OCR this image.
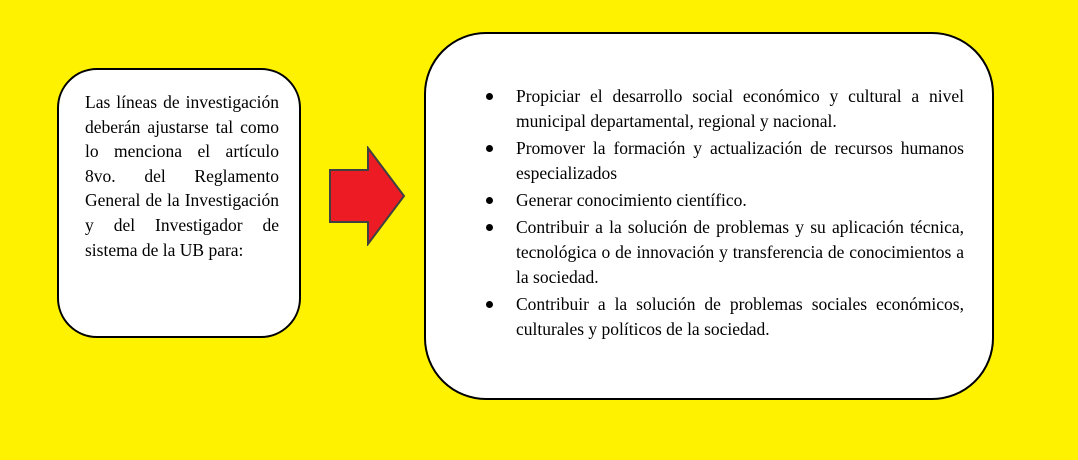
Las líneas de investigación deberán ajustarse tal como lo menciona el artículo 8vo. del Reglamento General de la Investigación y del Investigador de sistema de la UB para:

Propiciar el desarrollo social económico y cultural a nivel municipal departamental, regional y nacional.
Promover la formación y actualización de recursos humanos especializados
Generar conocimiento científico.
Contribuir a la solución de problemas y su aplicación técnica, tecnológica o de innovación y transferencia de conocimientos a la sociedad.
Contribuir a la solución de problemas sociales económicos, culturales y políticos de la sociedad.
